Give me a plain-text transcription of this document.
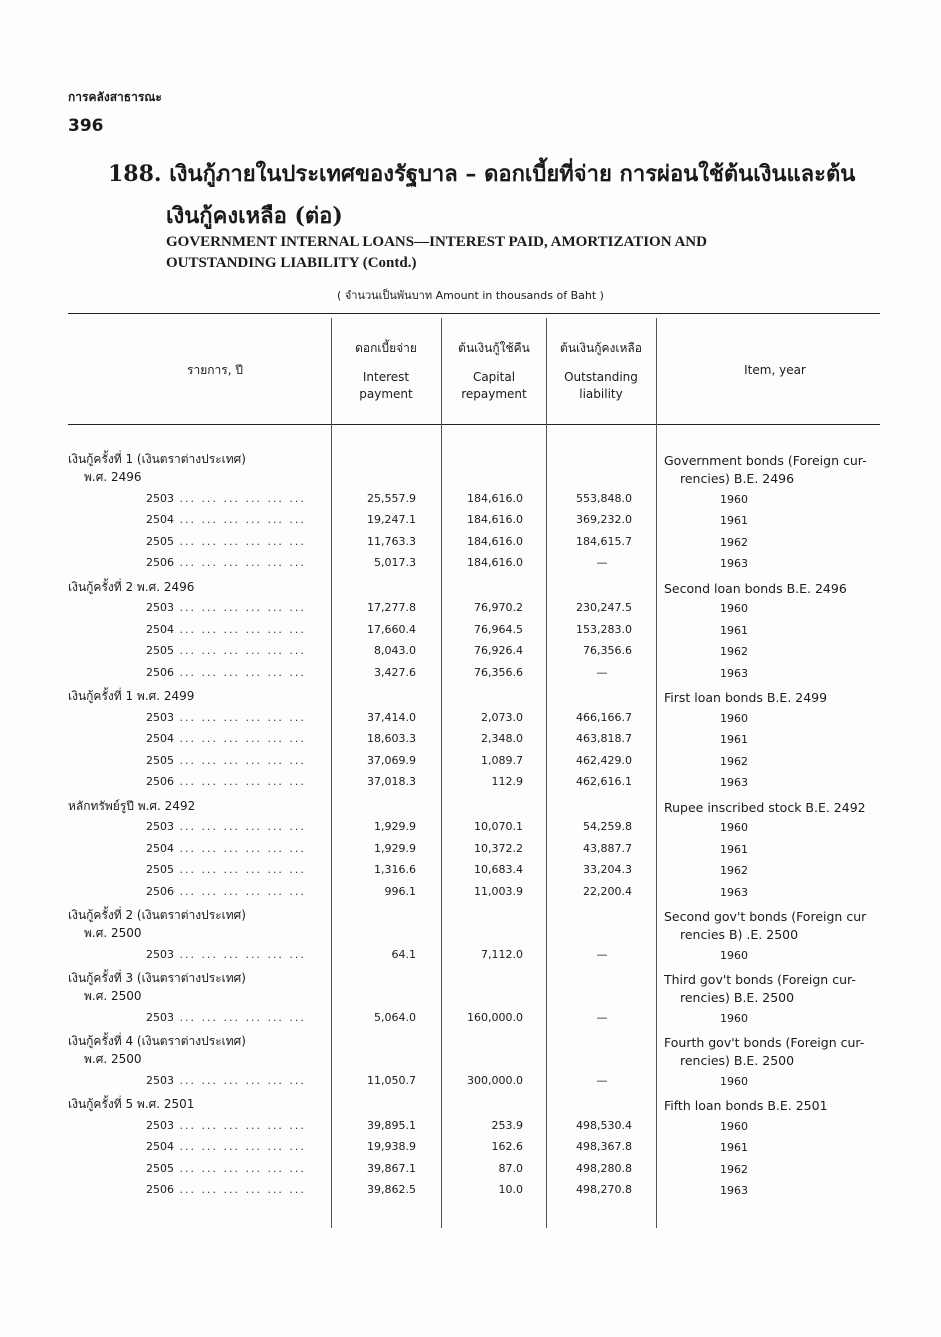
การคลังสาธารณะ
396
188. เงินกู้ภายในประเทศของรัฐบาล – ดอกเบี้ยที่จ่าย การผ่อนใช้ต้นเงินและต้น
เงินกู้คงเหลือ (ต่อ)
GOVERNMENT INTERNAL LOANS—INTEREST PAID, AMORTIZATION AND
OUTSTANDING LIABILITY (Contd.)
( จำนวนเป็นพันบาท Amount in thousands of Baht )
รายการ, ปี
ดอกเบี้ยจ่าย
Interest payment
ต้นเงินกู้ใช้คืน
Capital repayment
ต้นเงินกู้คงเหลือ
Outstanding liability
Item, year
เงินกู้ครั้งที่ 1 (เงินตราต่างประเทศ)	Government bonds (Foreign cur-
พ.ศ. 2496	rencies) B.E. 2496
2503 ... ... ... ... ... ...	25,557.9	184,616.0	553,848.0	1960
2504 ... ... ... ... ... ...	19,247.1	184,616.0	369,232.0	1961
2505 ... ... ... ... ... ...	11,763.3	184,616.0	184,615.7	1962
2506 ... ... ... ... ... ...	5,017.3	184,616.0	—	1963
เงินกู้ครั้งที่ 2 พ.ศ. 2496	Second loan bonds B.E. 2496
2503 ... ... ... ... ... ...	17,277.8	76,970.2	230,247.5	1960
2504 ... ... ... ... ... ...	17,660.4	76,964.5	153,283.0	1961
2505 ... ... ... ... ... ...	8,043.0	76,926.4	76,356.6	1962
2506 ... ... ... ... ... ...	3,427.6	76,356.6	—	1963
เงินกู้ครั้งที่ 1 พ.ศ. 2499	First loan bonds B.E. 2499
2503 ... ... ... ... ... ...	37,414.0	2,073.0	466,166.7	1960
2504 ... ... ... ... ... ...	18,603.3	2,348.0	463,818.7	1961
2505 ... ... ... ... ... ...	37,069.9	1,089.7	462,429.0	1962
2506 ... ... ... ... ... ...	37,018.3	112.9	462,616.1	1963
หลักทรัพย์รูปี พ.ศ. 2492	Rupee inscribed stock B.E. 2492
2503 ... ... ... ... ... ...	1,929.9	10,070.1	54,259.8	1960
2504 ... ... ... ... ... ...	1,929.9	10,372.2	43,887.7	1961
2505 ... ... ... ... ... ...	1,316.6	10,683.4	33,204.3	1962
2506 ... ... ... ... ... ...	996.1	11,003.9	22,200.4	1963
เงินกู้ครั้งที่ 2 (เงินตราต่างประเทศ)	Second gov't bonds (Foreign cur
พ.ศ. 2500	rencies B) .E. 2500
2503 ... ... ... ... ... ...	64.1	7,112.0	—	1960
เงินกู้ครั้งที่ 3 (เงินตราต่างประเทศ)	Third gov't bonds (Foreign cur-
พ.ศ. 2500	rencies) B.E. 2500
2503 ... ... ... ... ... ...	5,064.0	160,000.0	—	1960
เงินกู้ครั้งที่ 4 (เงินตราต่างประเทศ)	Fourth gov't bonds (Foreign cur-
พ.ศ. 2500	rencies) B.E. 2500
2503 ... ... ... ... ... ...	11,050.7	300,000.0	—	1960
เงินกู้ครั้งที่ 5 พ.ศ. 2501	Fifth loan bonds B.E. 2501
2503 ... ... ... ... ... ...	39,895.1	253.9	498,530.4	1960
2504 ... ... ... ... ... ...	19,938.9	162.6	498,367.8	1961
2505 ... ... ... ... ... ...	39,867.1	87.0	498,280.8	1962
2506 ... ... ... ... ... ...	39,862.5	10.0	498,270.8	1963
